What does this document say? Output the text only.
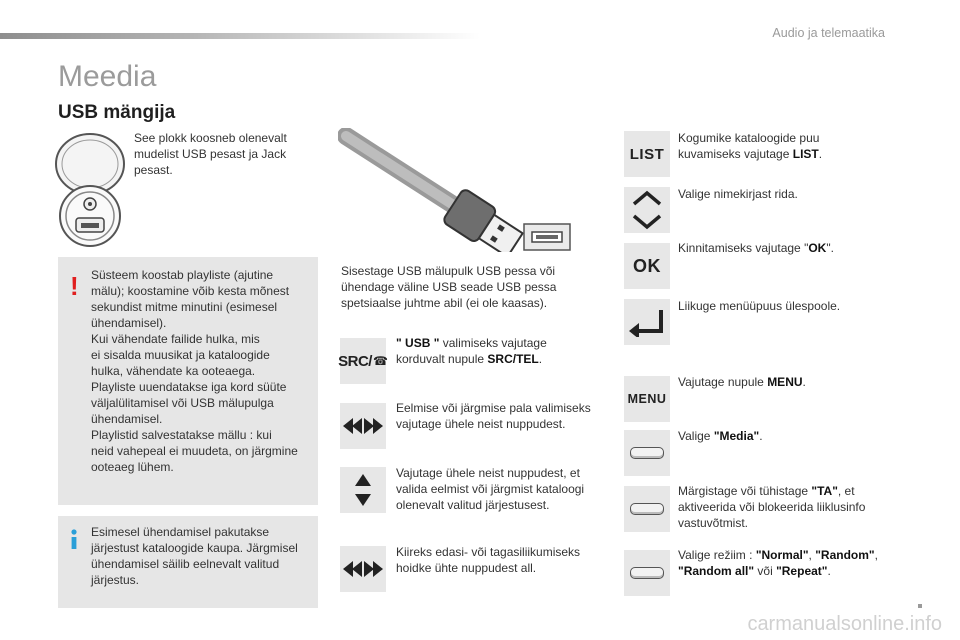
Audio ja telemaatika
Meedia
USB mängija
See plokk koosneb olenevalt
mudelist USB pesast ja Jack
pesast.
! Süsteem koostab playliste (ajutine
mälu); koostamine võib kesta mõnest
sekundist mitme minutini (esimesel
ühendamisel).
Kui vähendate failide hulka, mis
ei sisalda muusikat ja kataloogide
hulka, vähendate ka ooteaega.
Playliste uuendatakse iga kord süüte
väljalülitamisel või USB mälupulga
ühendamisel.
Playlistid salvestatakse mällu : kui
neid vahepeal ei muudeta, on järgmine
ooteaeg lühem.
Esimesel ühendamisel pakutakse
järjestust kataloogide kaupa. Järgmisel
ühendamisel säilib eelnevalt valitud
järjestus.
Sisestage USB mälupulk USB pessa või
ühendage väline USB seade USB pessa
spetsiaalse juhtme abil (ei ole kaasas).
SRC/ ☎
" USB " valimiseks vajutage
korduvalt nupule SRC/TEL.
Eelmise või järgmise pala valimiseks
vajutage ühele neist nuppudest.
Vajutage ühele neist nuppudest, et
valida eelmist või järgmist kataloogi
olenevalt valitud järjestusest.
Kiireks edasi- või tagasiliikumiseks
hoidke ühte nuppudest all.
LIST
Kogumike kataloogide puu
kuvamiseks vajutage LIST.
Valige nimekirjast rida.
OK
Kinnitamiseks vajutage "OK".
Liikuge menüüpuus ülespoole.
MENU
Vajutage nupule MENU.
Valige "Media".
Märgistage või tühistage "TA", et
aktiveerida või blokeerida liiklusinfo
vastuvõtmist.
Valige režiim : "Normal", "Random",
"Random all" või "Repeat".
carmanualsonline.info
